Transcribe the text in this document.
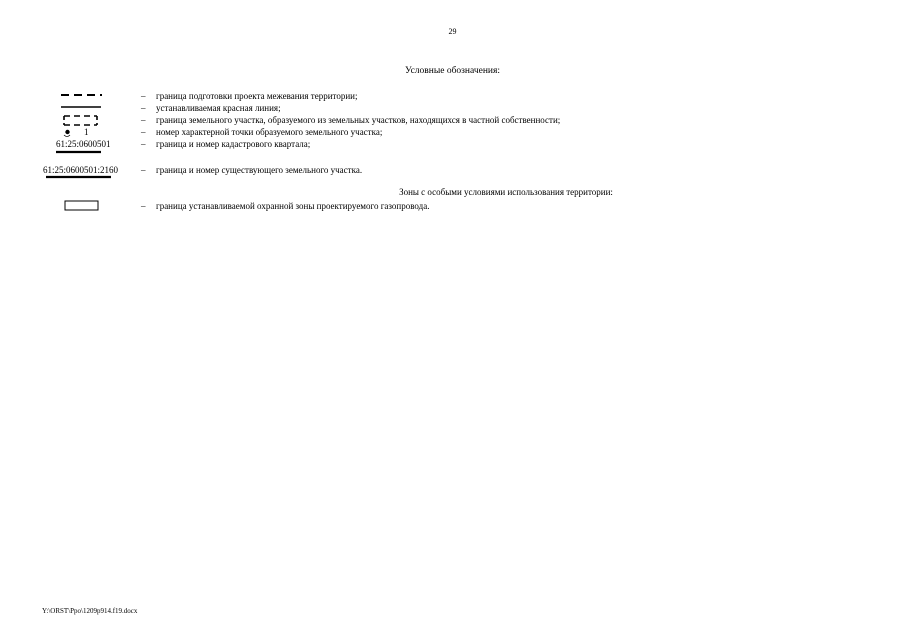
29
Условные обозначения:
–	граница подготовки проекта межевания территории;
–	устанавливаемая красная линия;
–	граница земельного участка, образуемого из земельных участков, находящихся в частной собственности;
1	–	номер характерной точки образуемого земельного участка;
61:25:0600501	–	граница и номер кадастрового квартала;
61:25:0600501:2160	–	граница и номер существующего земельного участка.
Зоны с особыми условиями использования территории:
–	граница устанавливаемой охранной зоны проектируемого газопровода.
Y:\ORST\Ppo\1209p914.f19.docx
